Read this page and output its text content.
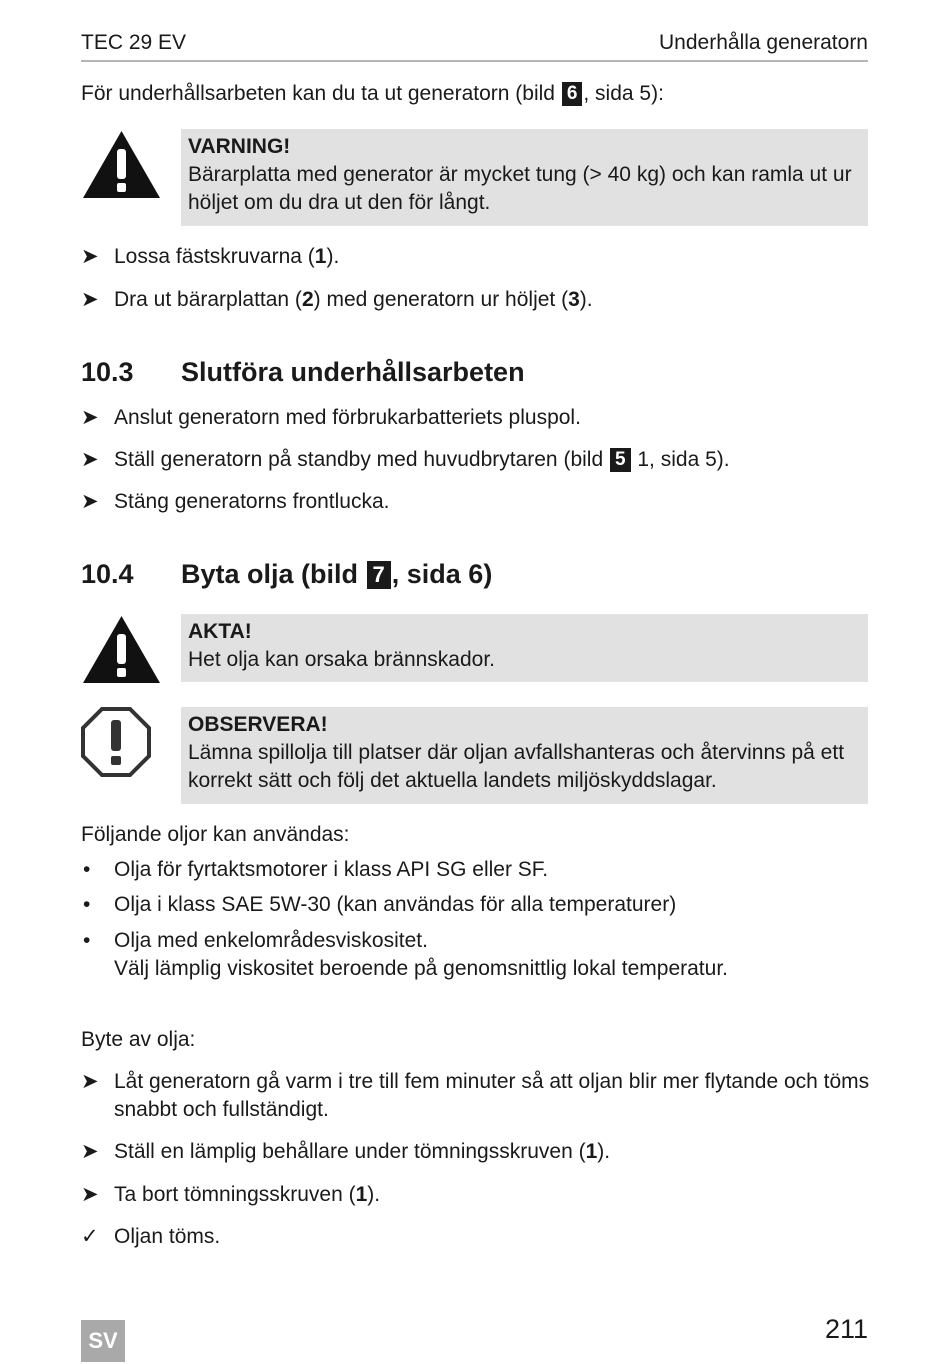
TEC 29 EV	Underhålla generatorn
För underhållsarbeten kan du ta ut generatorn (bild 6 , sida 5):
VARNING!
Bärarplatta med generator är mycket tung (> 40 kg) och kan ramla ut ur
höljet om du dra ut den för långt.
➤ Lossa fästskruvarna (1).
➤ Dra ut bärarplattan (2) med generatorn ur höljet (3).
10.3 Slutföra underhållsarbeten
➤ Anslut generatorn med förbrukarbatteriets pluspol.
➤ Ställ generatorn på standby med huvudbrytaren (bild 5 1, sida 5).
➤ Stäng generatorns frontlucka.
10.4 Byta olja (bild 7 , sida 6)
AKTA!
Het olja kan orsaka brännskador.
OBSERVERA!
Lämna spillolja till platser där oljan avfallshanteras och återvinns på ett
korrekt sätt och följ det aktuella landets miljöskyddslagar.
Följande oljor kan användas:
• Olja för fyrtaktsmotorer i klass API SG eller SF.
• Olja i klass SAE 5W-30 (kan användas för alla temperaturer)
• Olja med enkelområdesviskositet.
Välj lämplig viskositet beroende på genomsnittlig lokal temperatur.
Byte av olja:
➤ Låt generatorn gå varm i tre till fem minuter så att oljan blir mer flytande och töms
snabbt och fullständigt.
➤ Ställ en lämplig behållare under tömningsskruven (1).
➤ Ta bort tömningsskruven (1).
✓ Oljan töms.
SV	211
